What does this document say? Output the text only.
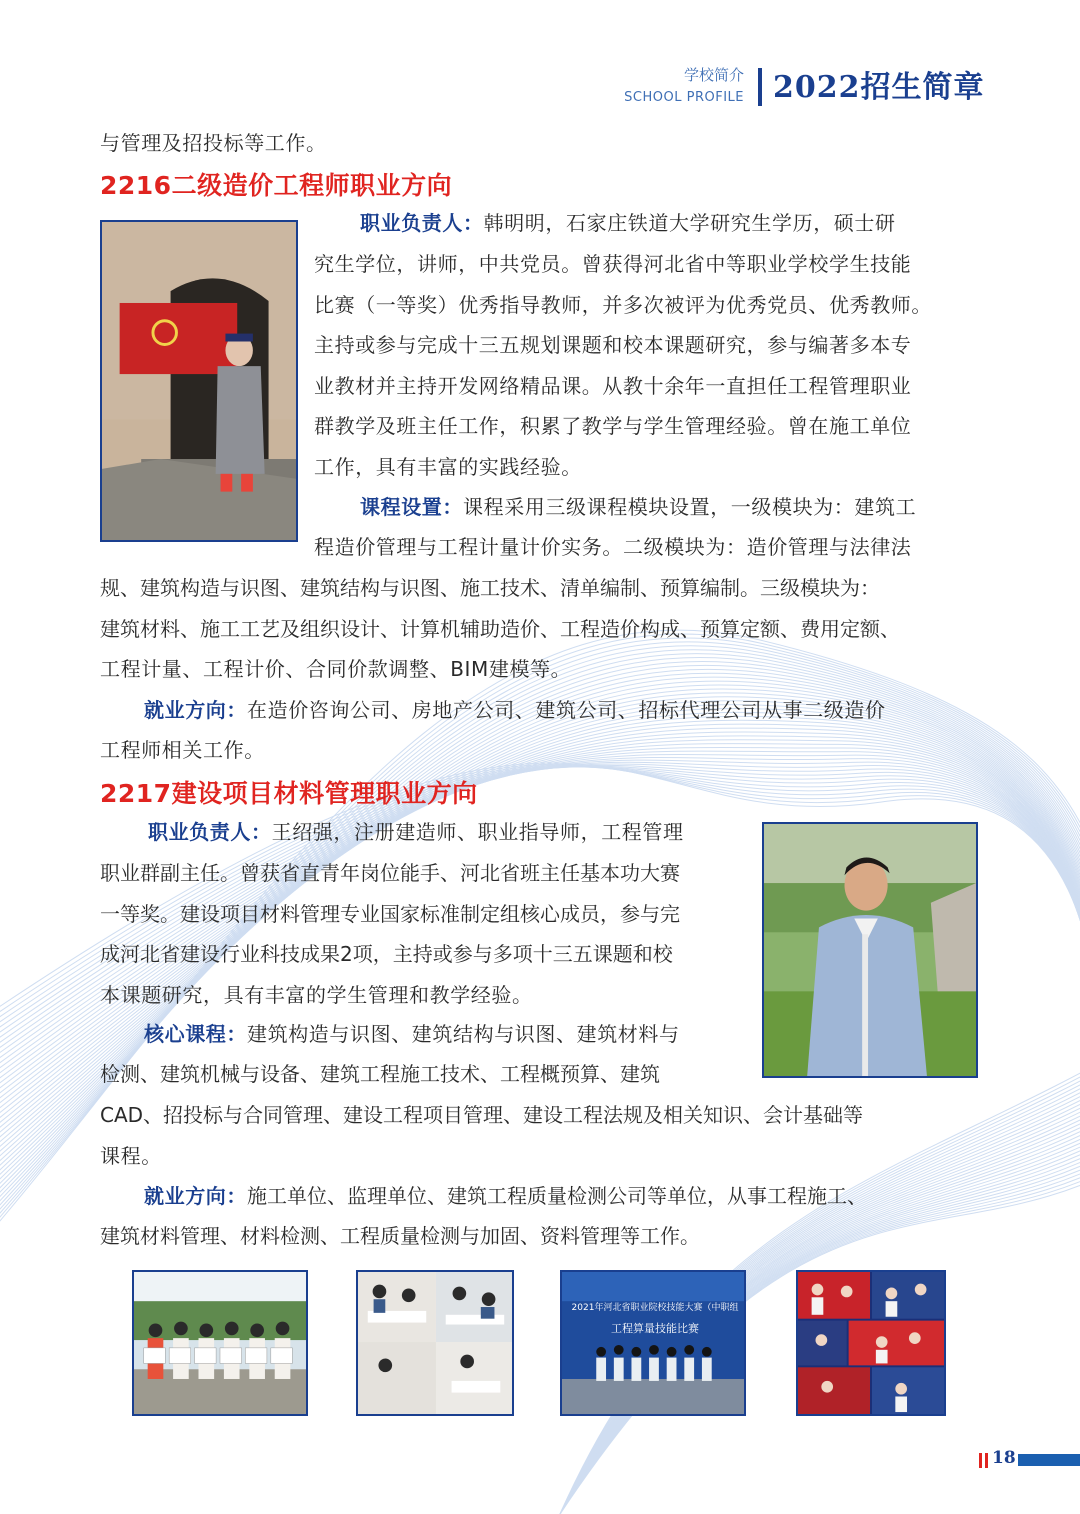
学校简介
SCHOOL PROFILE 2022招生简章

与管理及招投标等工作。

2216二级造价工程师职业方向

职业负责人：韩明明，石家庄铁道大学研究生学历，硕士研

究生学位，讲师，中共党员。曾获得河北省中等职业学校学生技能

比赛（一等奖）优秀指导教师，并多次被评为优秀党员、优秀教师。

主持或参与完成十三五规划课题和校本课题研究，参与编著多本专

业教材并主持开发网络精品课。从教十余年一直担任工程管理职业

群教学及班主任工作，积累了教学与学生管理经验。曾在施工单位

工作，具有丰富的实践经验。

课程设置：课程采用三级课程模块设置，一级模块为：建筑工

程造价管理与工程计量计价实务。二级模块为：造价管理与法律法

规、建筑构造与识图、建筑结构与识图、施工技术、清单编制、预算编制。三级模块为：

建筑材料、施工工艺及组织设计、计算机辅助造价、工程造价构成、预算定额、费用定额、

工程计量、工程计价、合同价款调整、BIM建模等。

就业方向：在造价咨询公司、房地产公司、建筑公司、招标代理公司从事二级造价

工程师相关工作。

2217建设项目材料管理职业方向

职业负责人：王绍强，注册建造师、职业指导师，工程管理

职业群副主任。曾获省直青年岗位能手、河北省班主任基本功大赛

一等奖。建设项目材料管理专业国家标准制定组核心成员，参与完

成河北省建设行业科技成果2项，主持或参与多项十三五课题和校

本课题研究，具有丰富的学生管理和教学经验。

核心课程：建筑构造与识图、建筑结构与识图、建筑材料与

检测、建筑机械与设备、建筑工程施工技术、工程概预算、建筑

CAD、招投标与合同管理、建设工程项目管理、建设工程法规及相关知识、会计基础等

课程。

就业方向：施工单位、监理单位、建筑工程质量检测公司等单位，从事工程施工、

建筑材料管理、材料检测、工程质量检测与加固、资料管理等工作。

2021年河北省职业院校技能大赛（中职组
工程算量技能比赛
18
